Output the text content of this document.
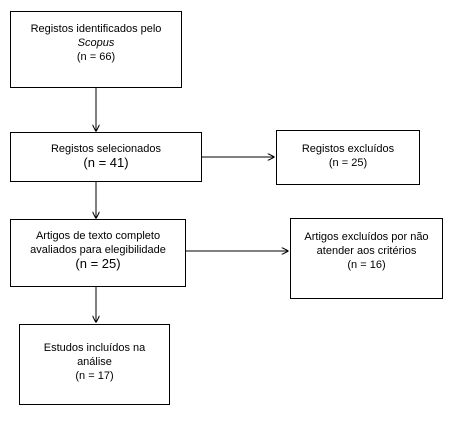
Registos identificados pelo
Scopus
(n = 66)
Registos selecionados
(n = 41)
Registos excluídos
(n = 25)
Artigos de texto completo
avaliados para elegibilidade
(n = 25)
Artigos excluídos por não
atender aos critérios
(n = 16)
Estudos incluídos na
análise
(n = 17)
